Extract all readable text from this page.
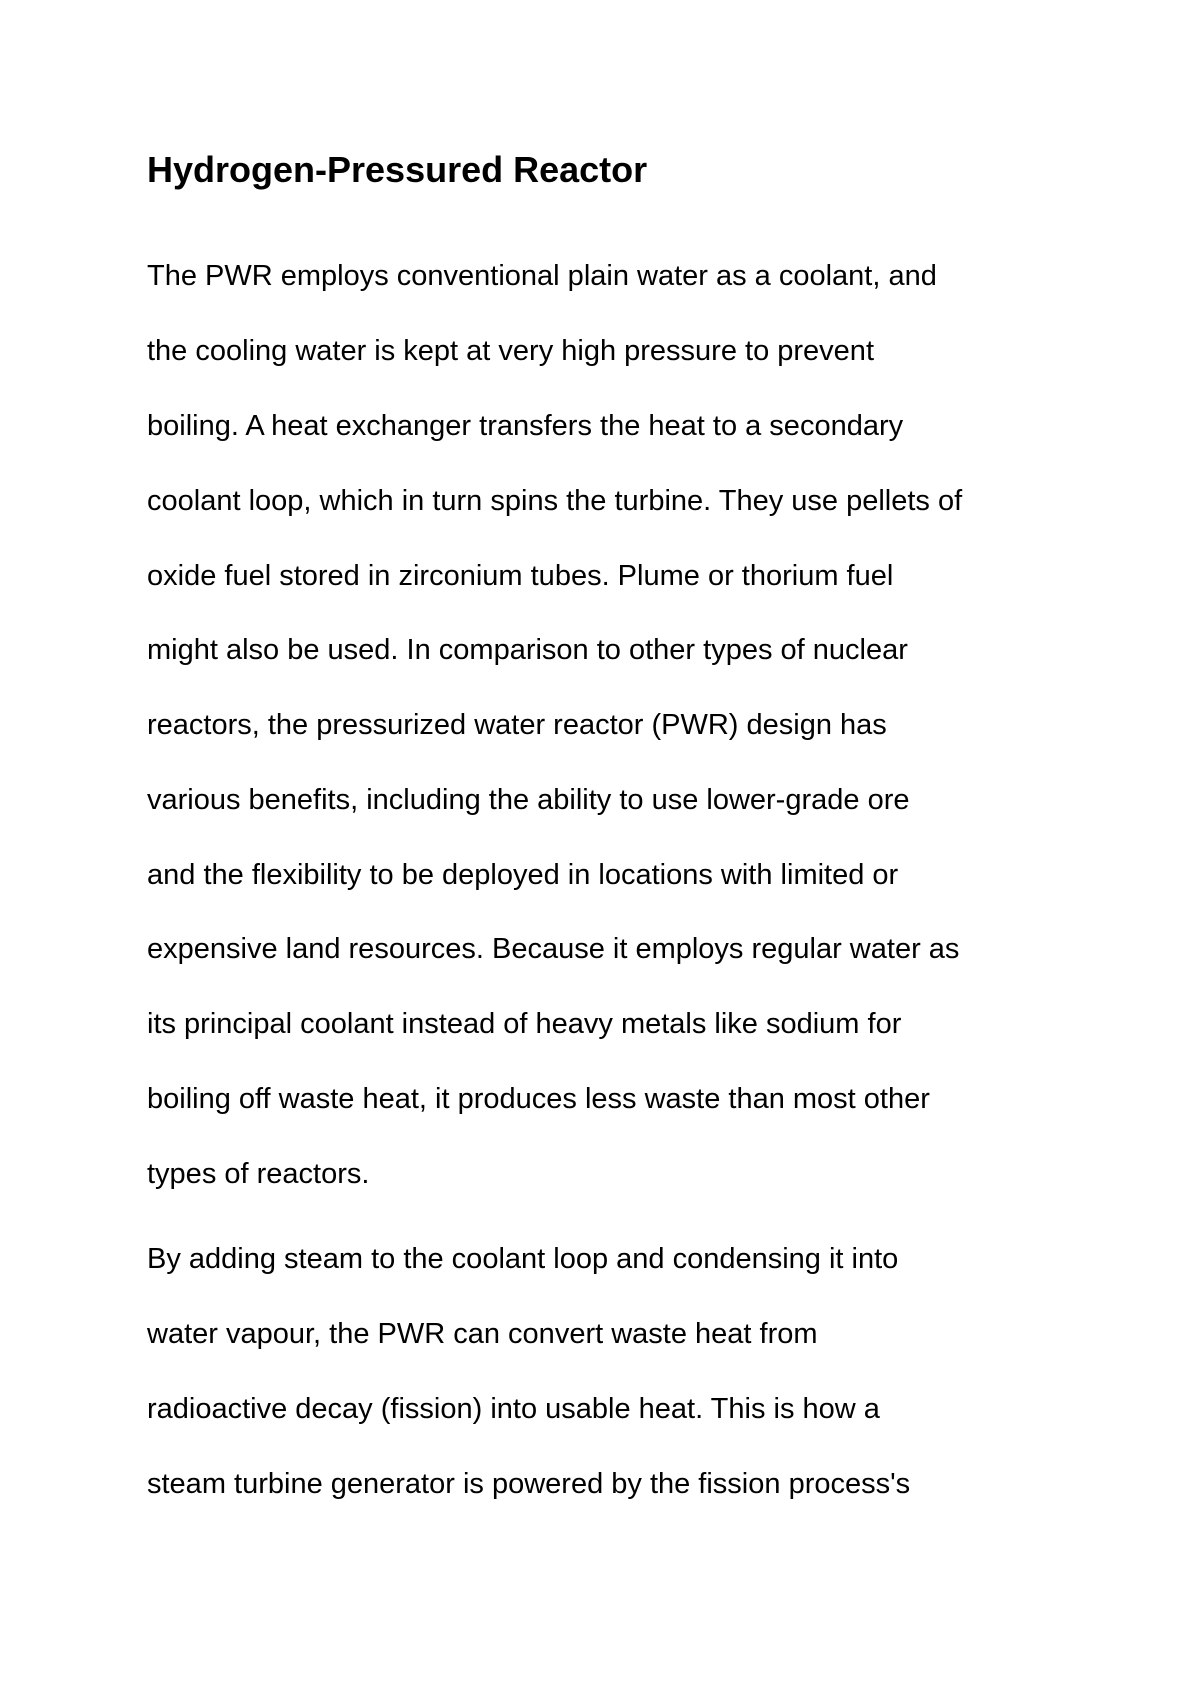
Hydrogen-Pressured Reactor

The PWR employs conventional plain water as a coolant, and

the cooling water is kept at very high pressure to prevent

boiling. A heat exchanger transfers the heat to a secondary

coolant loop, which in turn spins the turbine. They use pellets of

oxide fuel stored in zirconium tubes. Plume or thorium fuel

might also be used. In comparison to other types of nuclear

reactors, the pressurized water reactor (PWR) design has

various benefits, including the ability to use lower-grade ore

and the flexibility to be deployed in locations with limited or

expensive land resources. Because it employs regular water as

its principal coolant instead of heavy metals like sodium for

boiling off waste heat, it produces less waste than most other

types of reactors.

By adding steam to the coolant loop and condensing it into

water vapour, the PWR can convert waste heat from

radioactive decay (fission) into usable heat. This is how a

steam turbine generator is powered by the fission process's
